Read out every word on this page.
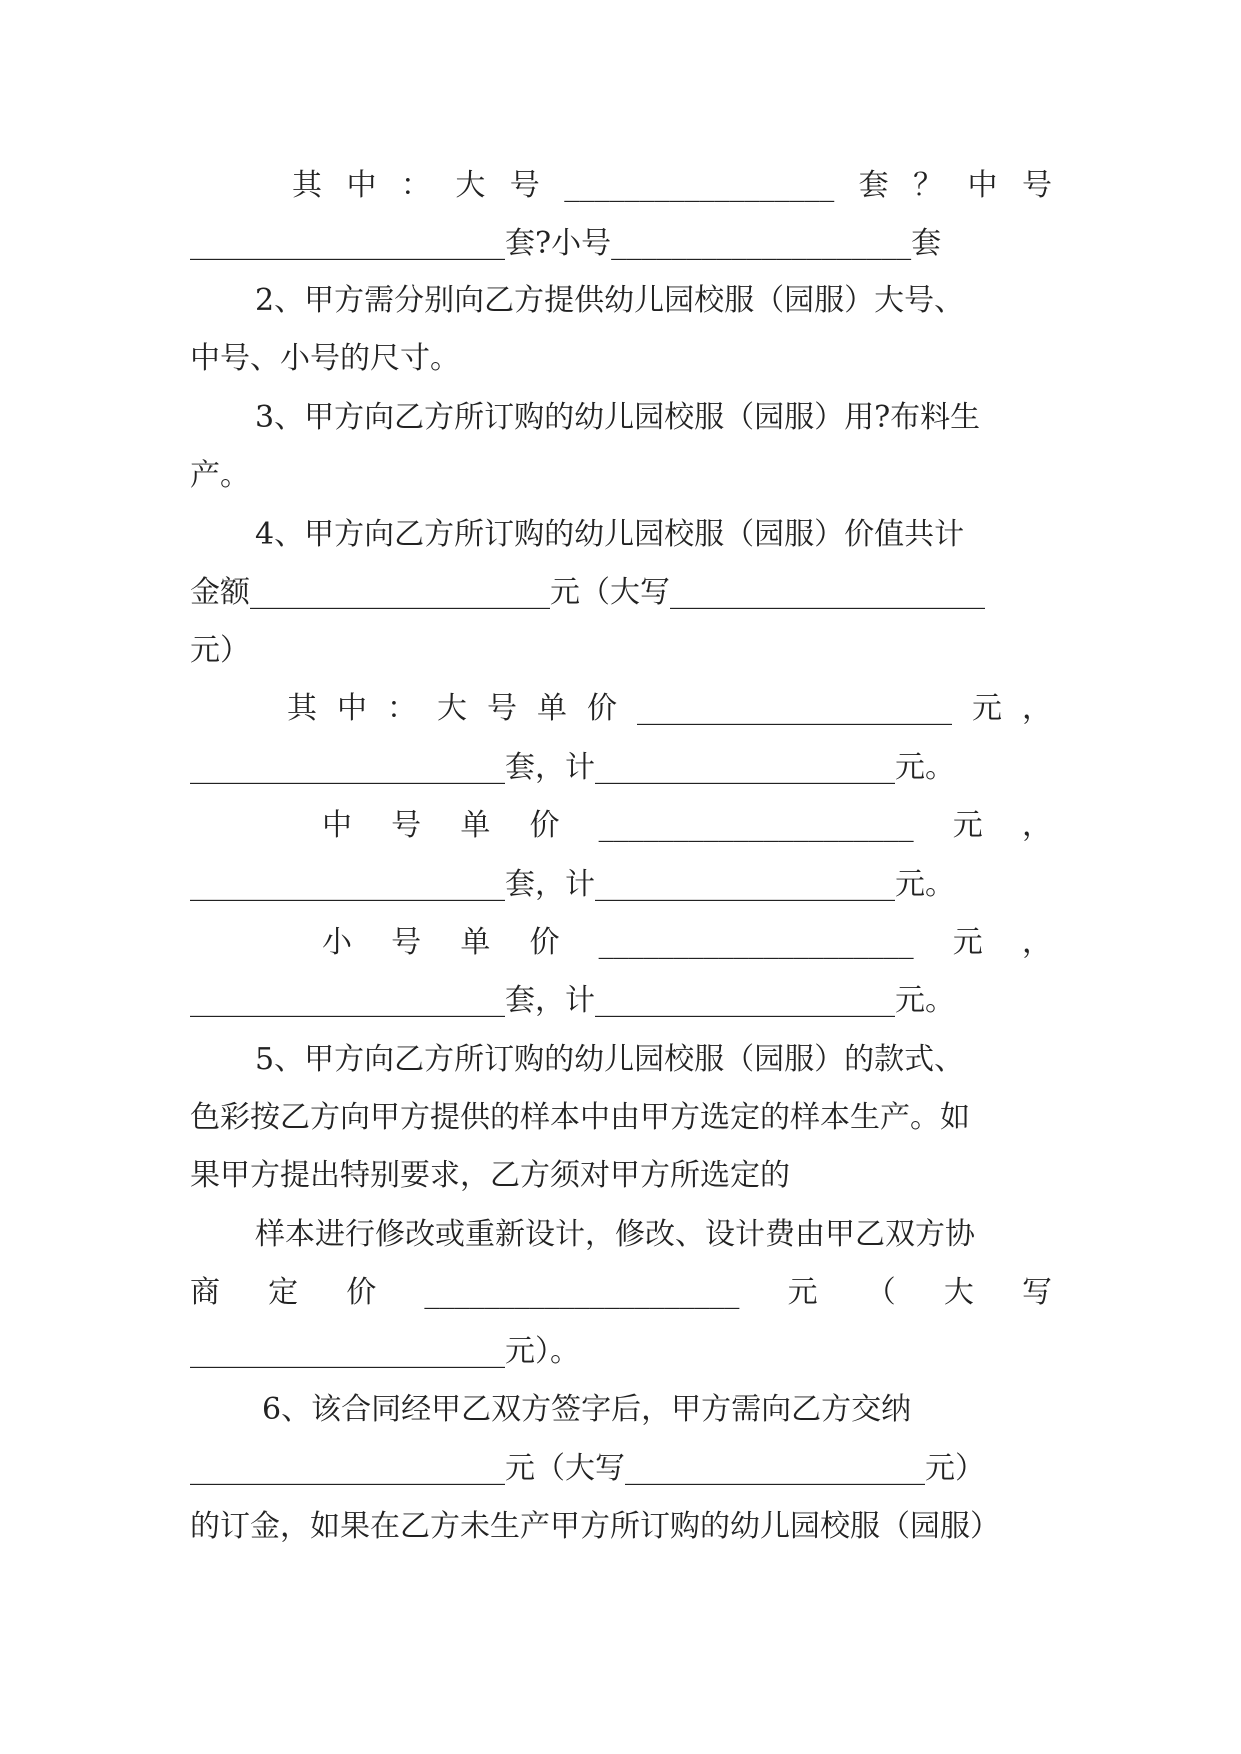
其 中 ： 大 号 __________________ 套 ？ 中 号
_____________________套?小号____________________套
2、甲方需分别向乙方提供幼儿园校服（园服）大号、
中号、小号的尺寸。
3、甲方向乙方所订购的幼儿园校服（园服）用?布料生
产。
4、甲方向乙方所订购的幼儿园校服（园服）价值共计
金额____________________元（大写_____________________
元）
其 中 ： 大 号 单 价 _____________________ 元 ，
_____________________套，计____________________元。
中 号 单 价 _____________________ 元 ，
_____________________套，计____________________元。
小 号 单 价 _____________________ 元 ，
_____________________套，计____________________元。
5、甲方向乙方所订购的幼儿园校服（园服）的款式、
色彩按乙方向甲方提供的样本中由甲方选定的样本生产。如
果甲方提出特别要求，乙方须对甲方所选定的
样本进行修改或重新设计，修改、设计费由甲乙双方协
商 定 价 _____________________ 元 （ 大 写
_____________________元）。
6、该合同经甲乙双方签字后，甲方需向乙方交纳
_____________________元（大写____________________元）
的订金，如果在乙方未生产甲方所订购的幼儿园校服（园服）
